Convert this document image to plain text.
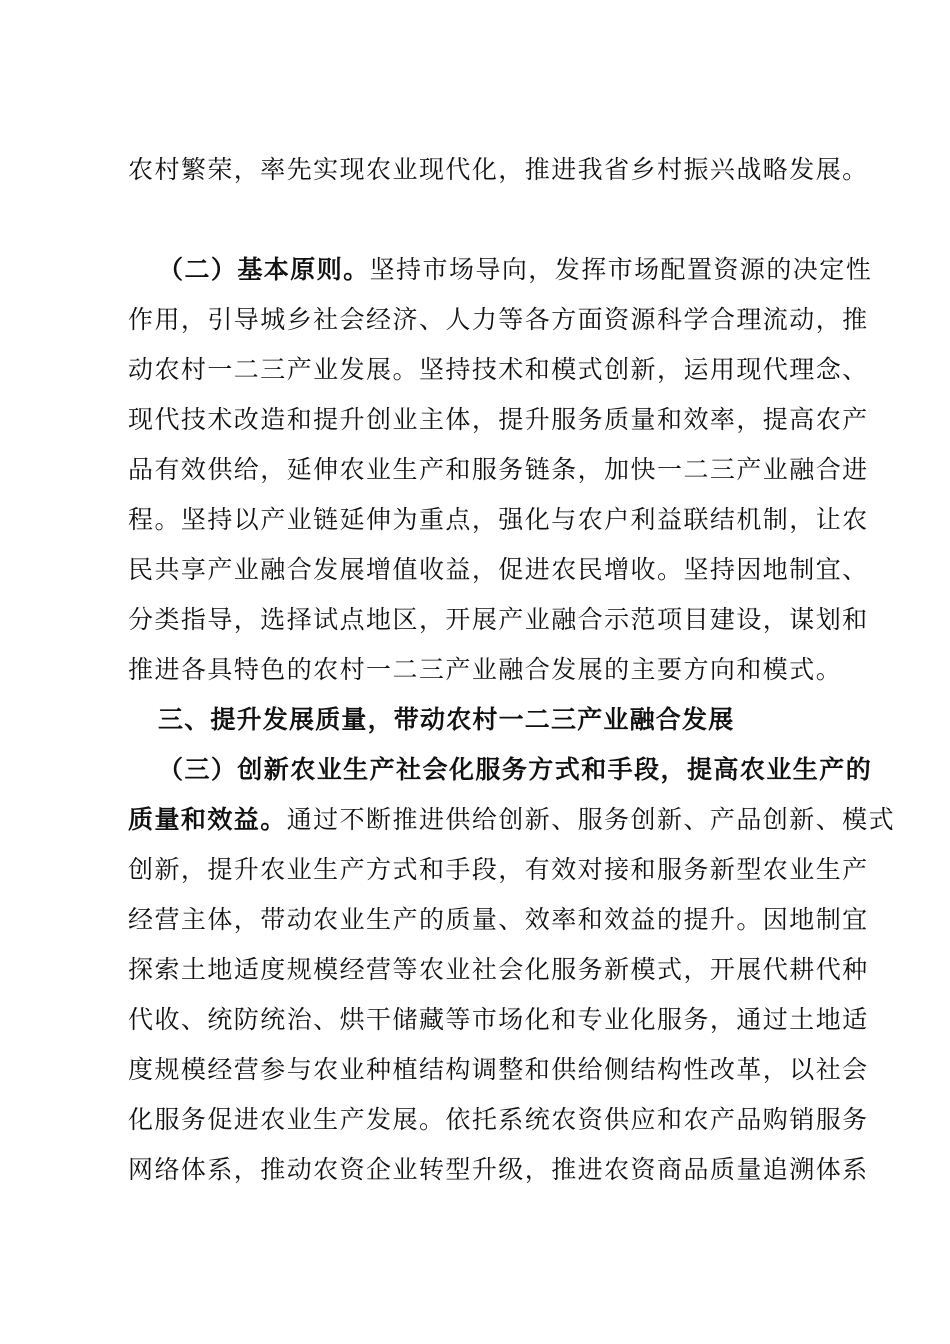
农村繁荣，率先实现农业现代化，推进我省乡村振兴战略发展。
（二）基本原则。坚持市场导向，发挥市场配置资源的决定性
作用，引导城乡社会经济、人力等各方面资源科学合理流动，推
动农村一二三产业发展。坚持技术和模式创新，运用现代理念、
现代技术改造和提升创业主体，提升服务质量和效率，提高农产
品有效供给，延伸农业生产和服务链条，加快一二三产业融合进
程。坚持以产业链延伸为重点，强化与农户利益联结机制，让农
民共享产业融合发展增值收益，促进农民增收。坚持因地制宜、
分类指导，选择试点地区，开展产业融合示范项目建设，谋划和
推进各具特色的农村一二三产业融合发展的主要方向和模式。
三、提升发展质量，带动农村一二三产业融合发展
（三）创新农业生产社会化服务方式和手段，提高农业生产的
质量和效益。通过不断推进供给创新、服务创新、产品创新、模式
创新，提升农业生产方式和手段，有效对接和服务新型农业生产
经营主体，带动农业生产的质量、效率和效益的提升。因地制宜
探索土地适度规模经营等农业社会化服务新模式，开展代耕代种
代收、统防统治、烘干储藏等市场化和专业化服务，通过土地适
度规模经营参与农业种植结构调整和供给侧结构性改革，以社会
化服务促进农业生产发展。依托系统农资供应和农产品购销服务
网络体系，推动农资企业转型升级，推进农资商品质量追溯体系
